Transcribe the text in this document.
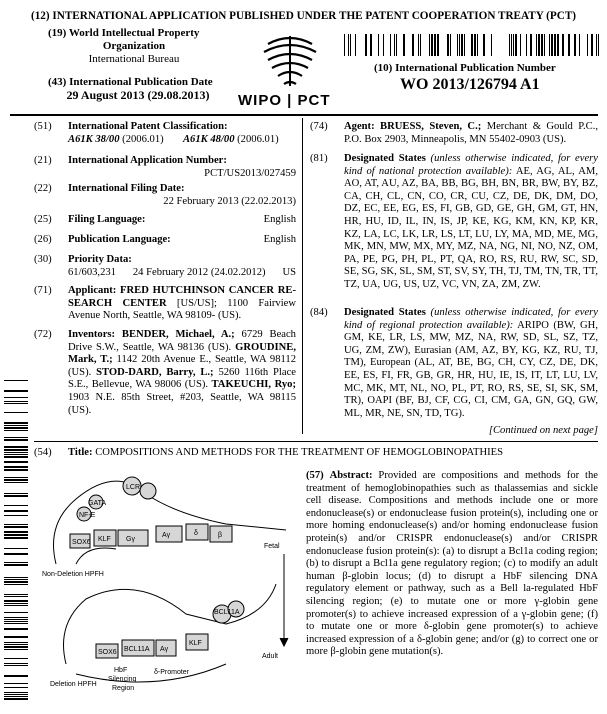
(12) INTERNATIONAL APPLICATION PUBLISHED UNDER THE PATENT COOPERATION TREATY (PCT)
(19) World Intellectual Property
Organization
International Bureau
WIPO | PCT
(43) International Publication Date
29 August 2013 (29.08.2013)
(10) International Publication Number
WO 2013/126794 A1
(51) International Patent Classification:
A61K 38/00 (2006.01) A61K 48/00 (2006.01)
(21) International Application Number:
PCT/US2013/027459
(22) International Filing Date:
22 February 2013 (22.02.2013)
(25) Filing Language:	English
(26) Publication Language:	English
(30) Priority Data:
61/603,231 24 February 2012 (24.02.2012) US
(71) Applicant: FRED HUTCHINSON CANCER RE- SEARCH CENTER [US/US]; 1100 Fairview Avenue North, Seattle, WA 98109- (US).
(72) Inventors: BENDER, Michael, A.; 6729 Beach Drive S.W., Seattle, WA 98136 (US). GROUDINE, Mark, T.; 1142 20th Avenue E., Seattle, WA 98112 (US). STOD-DARD, Barry, L.; 5260 116th Place S.E., Bellevue, WA 98006 (US). TAKEUCHI, Ryo; 1903 N.E. 85th Street, #203, Seattle, WA 98115 (US).
(74) Agent: BRUESS, Steven, C.; Merchant & Gould P.C., P.O. Box 2903, Minneapolis, MN 55402-0903 (US).
(81) Designated States (unless otherwise indicated, for every kind of national protection available): AE, AG, AL, AM, AO, AT, AU, AZ, BA, BB, BG, BH, BN, BR, BW, BY, BZ, CA, CH, CL, CN, CO, CR, CU, CZ, DE, DK, DM, DO, DZ, EC, EE, EG, ES, FI, GB, GD, GE, GH, GM, GT, HN, HR, HU, ID, IL, IN, IS, JP, KE, KG, KM, KN, KP, KR, KZ, LA, LC, LK, LR, LS, LT, LU, LY, MA, MD, ME, MG, MK, MN, MW, MX, MY, MZ, NA, NG, NI, NO, NZ, OM, PA, PE, PG, PH, PL, PT, QA, RO, RS, RU, RW, SC, SD, SE, SG, SK, SL, SM, ST, SV, SY, TH, TJ, TM, TN, TR, TT, TZ, UA, UG, US, UZ, VC, VN, ZA, ZM, ZW.
(84) Designated States (unless otherwise indicated, for every kind of regional protection available): ARIPO (BW, GH, GM, KE, LR, LS, MW, MZ, NA, RW, SD, SL, SZ, TZ, UG, ZM, ZW), Eurasian (AM, AZ, BY, KG, KZ, RU, TJ, TM), European (AL, AT, BE, BG, CH, CY, CZ, DE, DK, EE, ES, FI, FR, GB, GR, HR, HU, IE, IS, IT, LT, LU, LV, MC, MK, MT, NL, NO, PL, PT, RO, RS, SE, SI, SK, SM, TR), OAPI (BF, BJ, CF, CG, CI, CM, GA, GN, GQ, GW, ML, MR, NE, SN, TD, TG).
[Continued on next page]
(54) Title: COMPOSITIONS AND METHODS FOR THE TREATMENT OF HEMOGLOBINOPATHIES
LCR
NF-E
GATA
SOX6 KLF Gγ
Aγ	δ	β
BCL11A
BCL11A
KLF
SOX6	Aγ
Fetal
Adult
Non-Deletion HPFH
Deletion HPFH
HbF
Silencing
Region
δ-Promoter
(57) Abstract: Provided are compositions and methods for the treatment of hemoglobinopathies such as thalassemias and sickle cell disease. Compositions and methods include one or more endonuclease(s) or endonuclease fusion protein(s), including one or more homing endonuclease(s) and/or homing endonuclease fusion protein(s) and/or CRISPR endonuclease(s) and/or CRISPR endonuclease fusion protein(s): (a) to disrupt a Bcl1a coding region; (b) to disrupt a Bcl1a gene regulatory region; (c) to modify an adult human β-globin locus; (d) to disrupt a HbF silencing DNA regulatory element or pathway, such as a Bell la-regulated HbF silencing region; (e) to mutate one or more γ-globin gene promoter(s) to achieve increased expression of a γ-globin gene; (f) to mutate one or more δ-globin gene promoter(s) to achieve increased expression of a δ-globin gene; and/or (g) to correct one or more β-globin gene mutation(s).
